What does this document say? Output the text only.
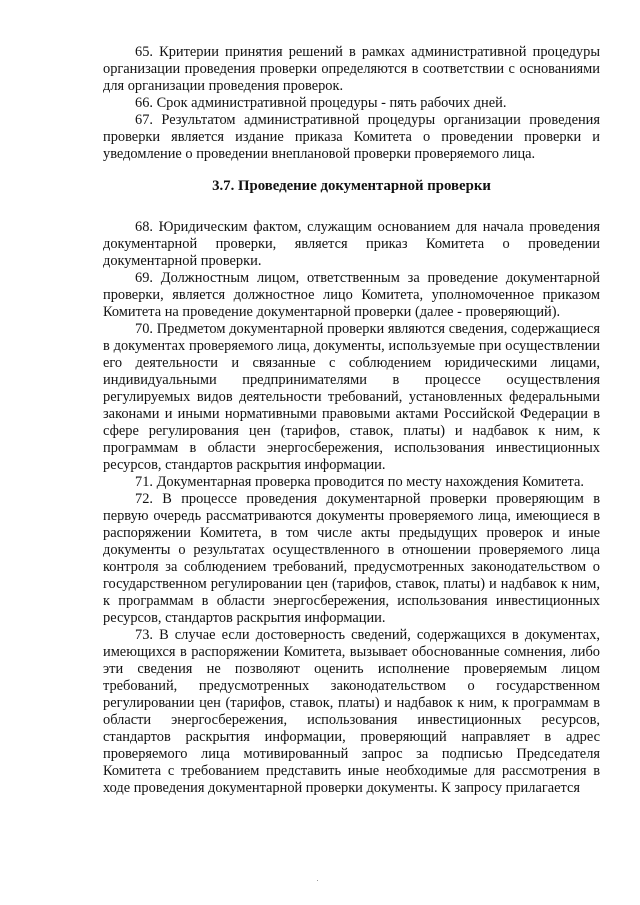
65. Критерии принятия решений в рамках административной процедуры организации проведения проверки определяются в соответствии с основаниями для организации проведения проверок.

66. Срок административной процедуры - пять рабочих дней.

67. Результатом административной процедуры организации проведения проверки является издание приказа Комитета о проведении проверки и уведомление о проведении внеплановой проверки проверяемого лица.

3.7. Проведение документарной проверки

68. Юридическим фактом, служащим основанием для начала проведения документарной проверки, является приказ Комитета о проведении документарной проверки.

69. Должностным лицом, ответственным за проведение документарной проверки, является должностное лицо Комитета, уполномоченное приказом Комитета на проведение документарной проверки (далее - проверяющий).

70. Предметом документарной проверки являются сведения, содержащиеся в документах проверяемого лица, документы, используемые при осуществлении его деятельности и связанные с соблюдением юридическими лицами, индивидуальными предпринимателями в процессе осуществления регулируемых видов деятельности требований, установленных федеральными законами и иными нормативными правовыми актами Российской Федерации в сфере регулирования цен (тарифов, ставок, платы) и надбавок к ним, к программам в области энергосбережения, использования инвестиционных ресурсов, стандартов раскрытия информации.

71. Документарная проверка проводится по месту нахождения Комитета.

72. В процессе проведения документарной проверки проверяющим в первую очередь рассматриваются документы проверяемого лица, имеющиеся в распоряжении Комитета, в том числе акты предыдущих проверок и иные документы о результатах осуществленного в отношении проверяемого лица контроля за соблюдением требований, предусмотренных законодательством о государственном регулировании цен (тарифов, ставок, платы) и надбавок к ним, к программам в области энергосбережения, использования инвестиционных ресурсов, стандартов раскрытия информации.

73. В случае если достоверность сведений, содержащихся в документах, имеющихся в распоряжении Комитета, вызывает обоснованные сомнения, либо эти сведения не позволяют оценить исполнение проверяемым лицом требований, предусмотренных законодательством о государственном регулировании цен (тарифов, ставок, платы) и надбавок к ним, к программам в области энергосбережения, использования инвестиционных ресурсов, стандартов раскрытия информации, проверяющий направляет в адрес проверяемого лица мотивированный запрос за подписью Председателя Комитета с требованием представить иные необходимые для рассмотрения в ходе проведения документарной проверки документы. К запросу прилагается
